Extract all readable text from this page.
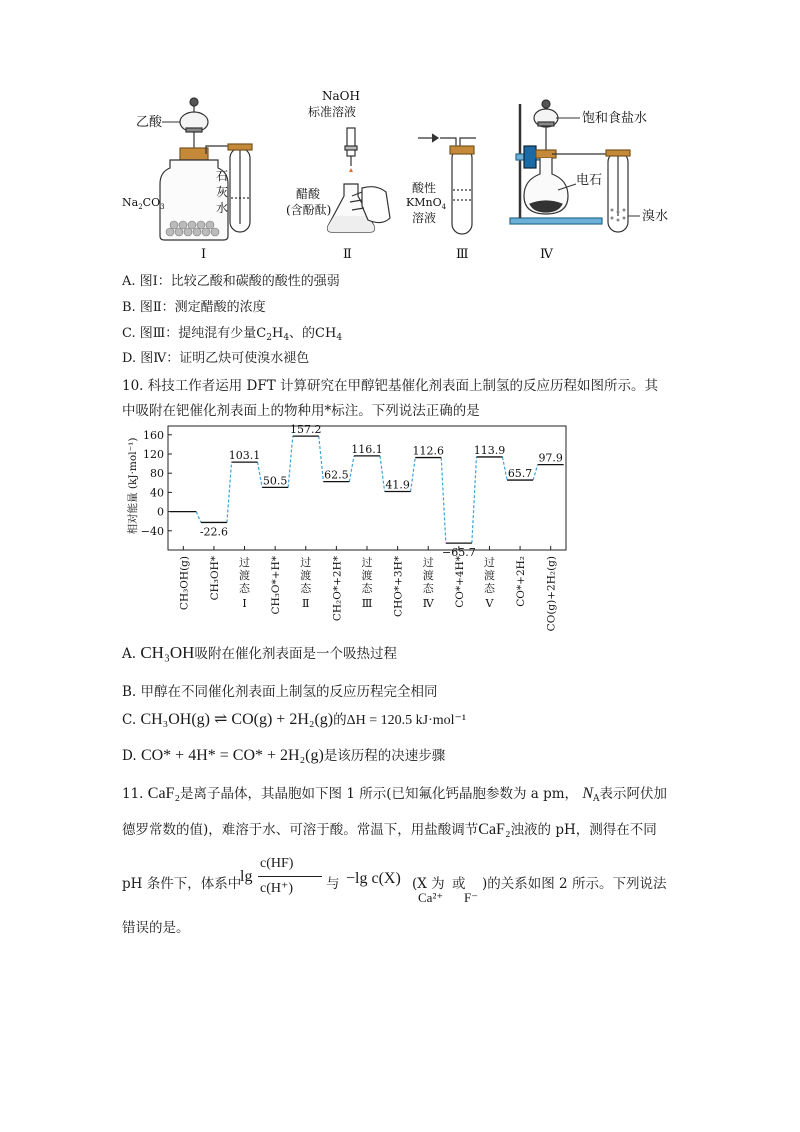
乙酸
$Na_2CO_3$
石
灰
水
Ⅰ
NaOH
标准溶液
醋酸
(含酚酞)
Ⅱ
酸性
KMnO$_4$
溶液
Ⅲ
饱和食盐水
电石
溴水
Ⅳ
A. 图Ⅰ：比较乙酸和碳酸的酸性的强弱
B. 图Ⅱ：测定醋酸的浓度
C. 图Ⅲ：提纯混有少量$C_2H_4$、的$CH_4$
D. 图Ⅳ：证明乙炔可使溴水褪色
10. 科技工作者运用 DFT 计算研究在甲醇钯基催化剂表面上制氢的反应历程如图所示。其
中吸附在钯催化剂表面上的物种用*标注。下列说法正确的是
相对能量 (kJ·mol⁻¹)
160
120
80
40
0
−40	-22.6
103.1
50.5
157.2
62.5
116.1
41.9
112.6
−65.7
113.9
65.7
97.9
CH₃OH(g) CH₃OH* 过
渡
态
Ⅰ CH₃O*+H* 过
渡
态
Ⅱ CH₂O*+2H* 过
渡
态
Ⅲ CHO*+3H* 过
渡
态
Ⅳ CO*+4H* 过
渡
态
Ⅴ CO*+2H₂ CO(g)+2H₂(g)
A. CH₃OH吸附在催化剂表面是一个吸热过程
B. 甲醇在不同催化剂表面上制氢的反应历程完全相同
C. CH₃OH(g) ⇌ CO(g) + 2H₂(g)的ΔH = 120.5 kJ·mol⁻¹
D. CO* + 4H* = CO* + 2H₂(g)是该历程的决速步骤
11. CaF₂是离子晶体，其晶胞如下图 1 所示(已知氟化钙晶胞参数为 a pm， $N_A$表示阿伏加
德罗常数的值)，难溶于水、可溶于酸。常温下，用盐酸调节CaF₂浊液的 pH，测得在不同
pH 条件下，体系中
lg
c(HF)
c(H⁺) 与 −lg c(X) (X 为
Ca²⁺
或
F⁻
)的关系如图 2 所示。下列说法
错误的是。
